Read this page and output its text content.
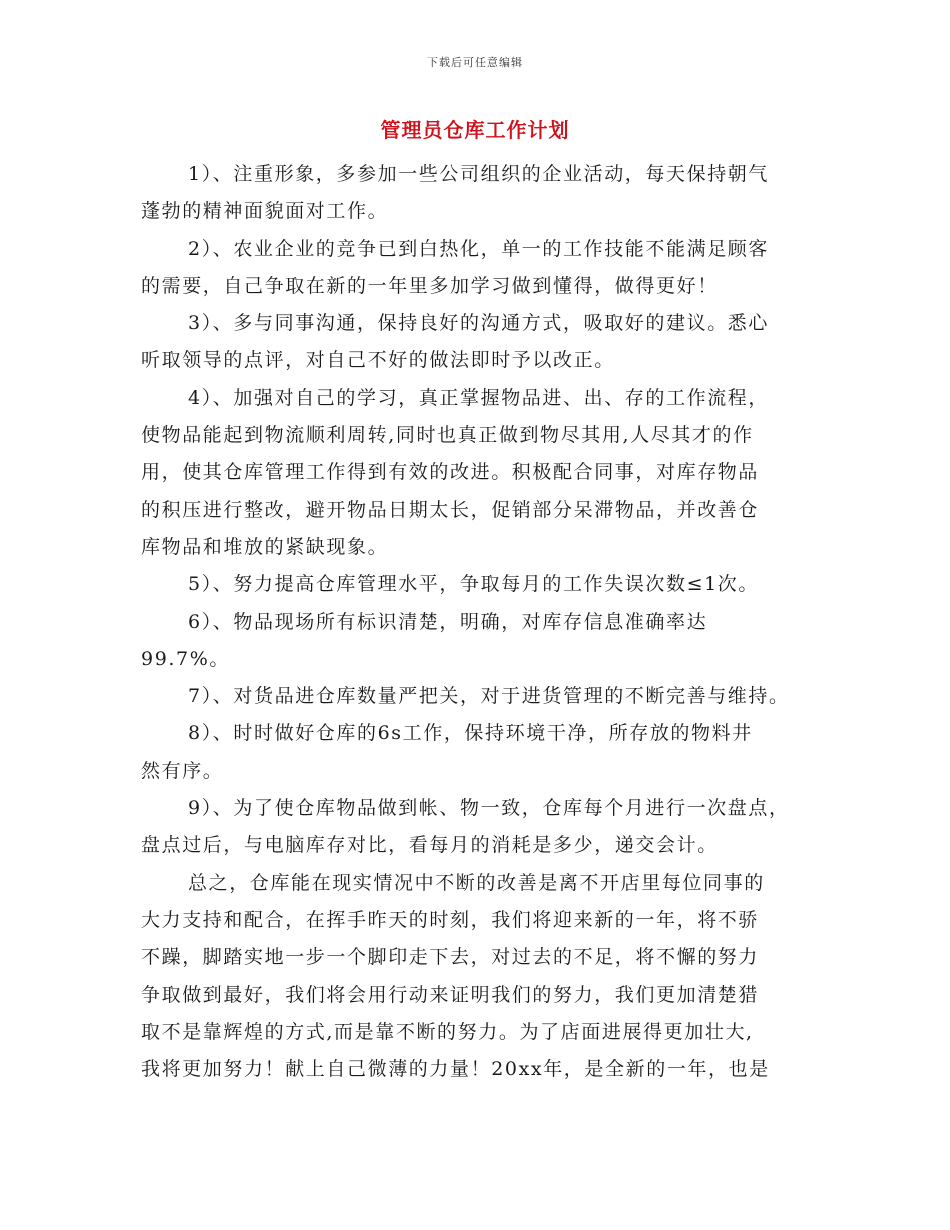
下载后可任意编辑
管理员仓库工作计划
1）、注重形象，多参加一些公司组织的企业活动，每天保持朝气
蓬勃的精神面貌面对工作。
2）、农业企业的竞争已到白热化，单一的工作技能不能满足顾客
的需要，自己争取在新的一年里多加学习做到懂得，做得更好！
3）、多与同事沟通，保持良好的沟通方式，吸取好的建议。悉心
听取领导的点评，对自己不好的做法即时予以改正。
4）、加强对自己的学习，真正掌握物品进、出、存的工作流程，
使物品能起到物流顺利周转,同时也真正做到物尽其用,人尽其才的作
用，使其仓库管理工作得到有效的改进。积极配合同事，对库存物品
的积压进行整改，避开物品日期太长，促销部分呆滞物品，并改善仓
库物品和堆放的紧缺现象。
5）、努力提高仓库管理水平，争取每月的工作失误次数≤1次。
6）、物品现场所有标识清楚，明确，对库存信息准确率达
99.7%。
7）、对货品进仓库数量严把关，对于进货管理的不断完善与维持。
8）、时时做好仓库的6s工作，保持环境干净，所存放的物料井
然有序。
9）、为了使仓库物品做到帐、物一致，仓库每个月进行一次盘点，
盘点过后，与电脑库存对比，看每月的消耗是多少，递交会计。
总之，仓库能在现实情况中不断的改善是离不开店里每位同事的
大力支持和配合，在挥手昨天的时刻，我们将迎来新的一年，将不骄
不躁，脚踏实地一步一个脚印走下去，对过去的不足，将不懈的努力
争取做到最好，我们将会用行动来证明我们的努力，我们更加清楚猎
取不是靠辉煌的方式,而是靠不断的努力。为了店面进展得更加壮大,
我将更加努力！献上自己微薄的力量！20xx年，是全新的一年，也是
